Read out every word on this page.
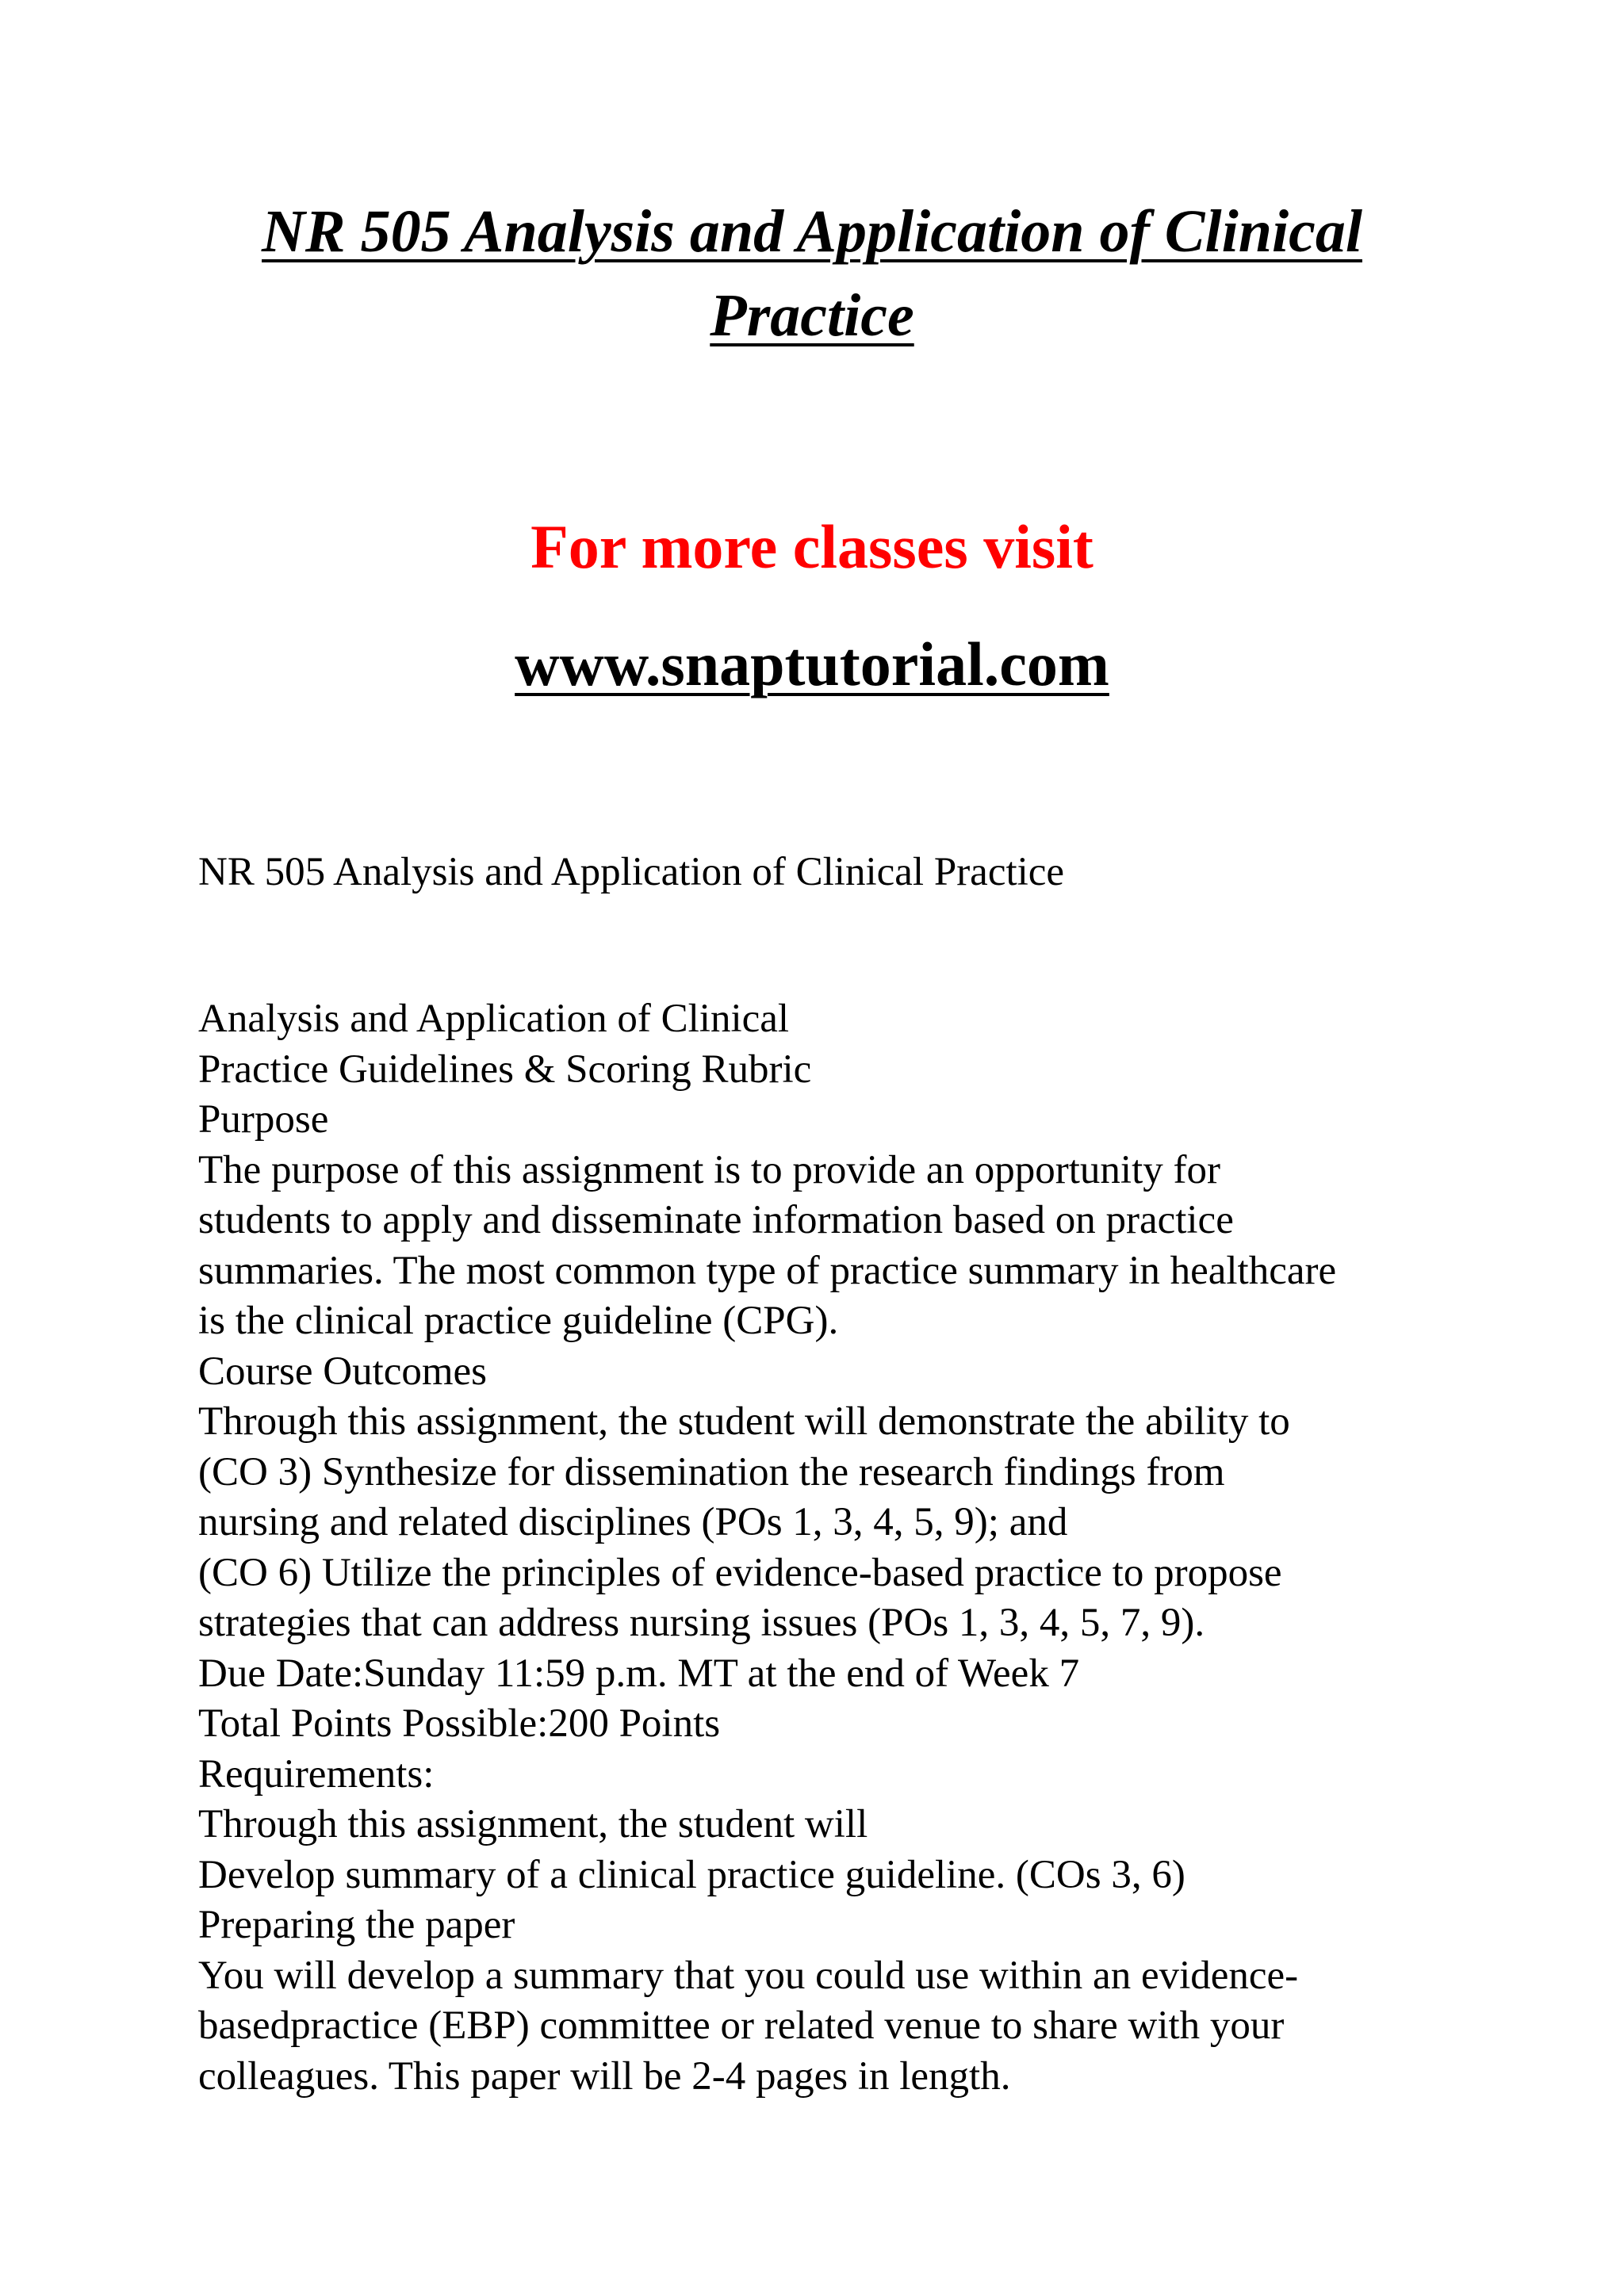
NR 505 Analysis and Application of Clinical
Practice

For more classes visit

www.snaptutorial.com

NR 505 Analysis and Application of Clinical Practice

Analysis and Application of Clinical
Practice Guidelines & Scoring Rubric
Purpose
The purpose of this assignment is to provide an opportunity for
students to apply and disseminate information based on practice
summaries. The most common type of practice summary in healthcare
is the clinical practice guideline (CPG).
Course Outcomes
Through this assignment, the student will demonstrate the ability to
(CO 3) Synthesize for dissemination the research findings from
nursing and related disciplines (POs 1, 3, 4, 5, 9); and
(CO 6) Utilize the principles of evidence-based practice to propose
strategies that can address nursing issues (POs 1, 3, 4, 5, 7, 9).
Due Date:Sunday 11:59 p.m. MT at the end of Week 7
Total Points Possible:200 Points
Requirements:
Through this assignment, the student will
Develop summary of a clinical practice guideline. (COs 3, 6)
Preparing the paper
You will develop a summary that you could use within an evidence-
basedpractice (EBP) committee or related venue to share with your
colleagues. This paper will be 2-4 pages in length.
